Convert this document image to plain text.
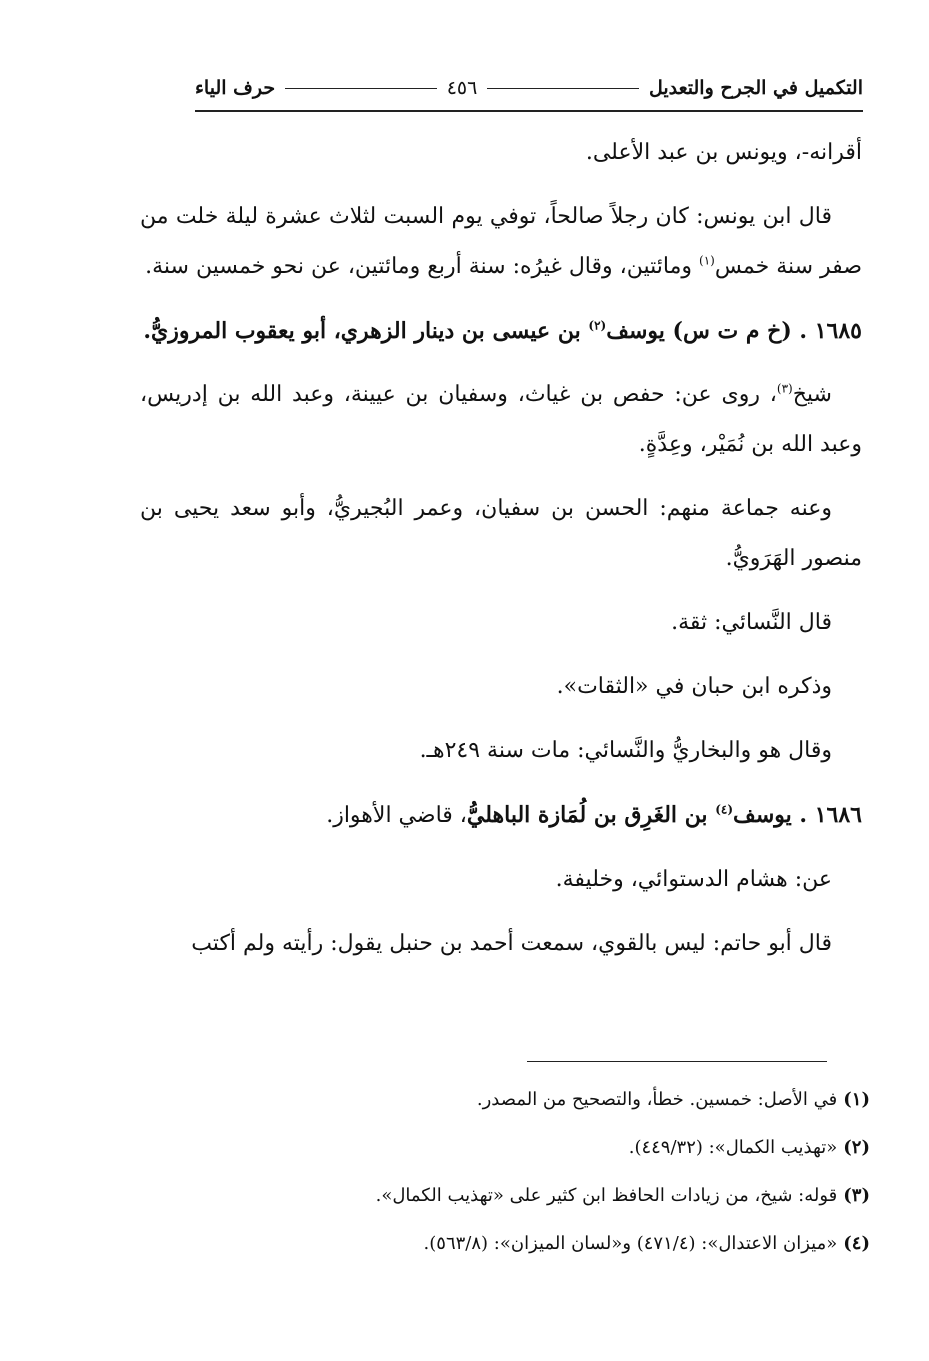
التكميل في الجرح والتعديل
٤٥٦
حرف الياء

أقرانه-، ويونس بن عبد الأعلى.

قال ابن يونس: كان رجلاً صالحاً، توفي يوم السبت لثلاث عشرة ليلة خلت من صفر سنة خمس$^{(١)}$ ومائتين، وقال غيرُه: سنة أربع ومائتين، عن نحو خمسين سنة.

١٦٨٥ . (خ م ت س) يوسف$^{(٢)}$ بن عيسى بن دينار الزهري، أبو يعقوب المروزيُّ.

شيخ$^{(٣)}$، روى عن: حفص بن غياث، وسفيان بن عيينة، وعبد الله بن إدريس، وعبد الله بن نُمَيْر، وعِدَّةٍ.

وعنه جماعة منهم: الحسن بن سفيان، وعمر البُجيريُّ، وأبو سعد يحيى بن منصور الهَرَويُّ.

قال النَّسائي: ثقة.

وذكره ابن حبان في «الثقات».

وقال هو والبخاريُّ والنَّسائي: مات سنة ٢٤٩هـ.

١٦٨٦ . يوسف$^{(٤)}$ بن الغَرِق بن لُمَازة الباهليُّ، قاضي الأهواز.

عن: هشام الدستوائي، وخليفة.

قال أبو حاتم: ليس بالقوي، سمعت أحمد بن حنبل يقول: رأيته ولم أكتب

(١)في الأصل: خمسين. خطأ، والتصحيح من المصدر.
(٢)«تهذيب الكمال»: (٤٤٩/٣٢).
(٣)قوله: شيخ، من زيادات الحافظ ابن كثير على «تهذيب الكمال».
(٤)«ميزان الاعتدال»: (٤٧١/٤) و«لسان الميزان»: (٥٦٣/٨).
